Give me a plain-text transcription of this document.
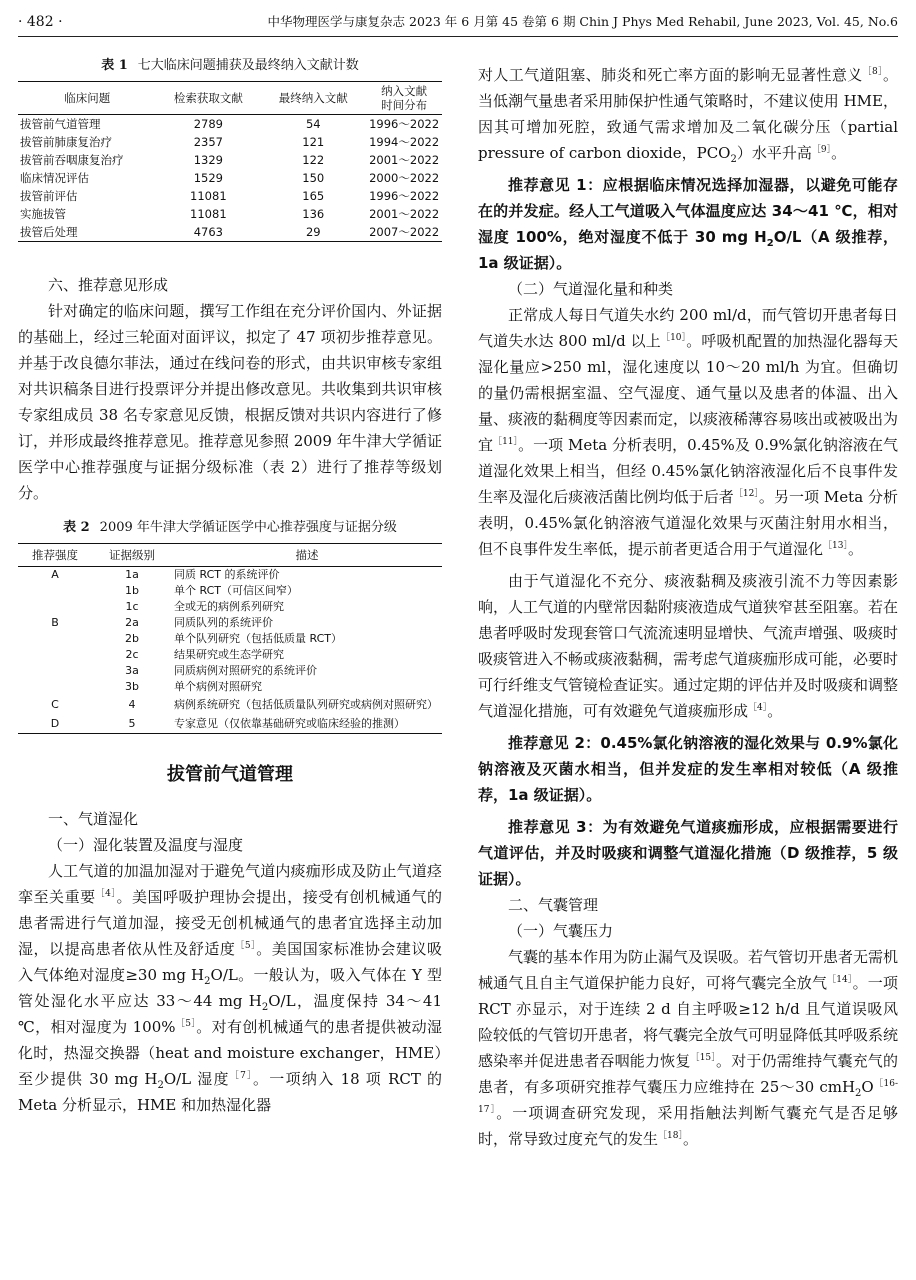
· 482 ·	中华物理医学与康复杂志 2023 年 6 月第 45 卷第 6 期 Chin J Phys Med Rehabil, June 2023, Vol. 45, No.6
表 1 七大临床问题捕获及最终纳入文献计数
临床问题	检索获取文献	最终纳入文献	纳入文献时间分布
拔管前气道管理	2789	54	1996～2022
拔管前肺康复治疗	2357	121	1994～2022
拔管前吞咽康复治疗	1329	122	2001～2022
临床情况评估	1529	150	2000～2022
拔管前评估	11081	165	1996～2022
实施拔管	11081	136	2001～2022
拔管后处理	4763	29	2007～2022
六、推荐意见形成

针对确定的临床问题，撰写工作组在充分评价国内、外证据的基础上，经过三轮面对面评议，拟定了 47 项初步推荐意见。并基于改良德尔菲法，通过在线问卷的形式，由共识审核专家组对共识稿条目进行投票评分并提出修改意见。共收集到共识审核专家组成员 38 名专家意见反馈，根据反馈对共识内容进行了修订，并形成最终推荐意见。推荐意见参照 2009 年牛津大学循证医学中心推荐强度与证据分级标准（表 2）进行了推荐等级划分。

表 2 2009 年牛津大学循证医学中心推荐强度与证据分级
推荐强度	证据级别	描述
A	1a	同质 RCT 的系统评价
	1b	单个 RCT（可信区间窄）
	1c	全或无的病例系列研究
B	2a	同质队列的系统评价
	2b	单个队列研究（包括低质量 RCT）
	2c	结果研究或生态学研究
	3a	同质病例对照研究的系统评价
	3b	单个病例对照研究
C	4	病例系统研究（包括低质量队列研究或病例对照研究）
D	5	专家意见（仅依靠基础研究或临床经验的推测）
拔管前气道管理
一、气道湿化
（一）湿化装置及温度与湿度

人工气道的加温加湿对于避免气道内痰痂形成及防止气道痉挛至关重要$^{[4]}$。美国呼吸护理协会提出，接受有创机械通气的患者需进行气道加湿，接受无创机械通气的患者宜选择主动加湿，以提高患者依从性及舒适度$^{[5]}$。美国国家标准协会建议吸入气体绝对湿度≥30 mg $H_2O/L$。一般认为，吸入气体在 Y 型管处湿化水平应达 33～44 mg $H_2O/L$，温度保持 34～41 ℃，相对湿度为 100%$^{[5]}$。对有创机械通气的患者提供被动湿化时，热湿交换器（heat and moisture exchanger，HME）至少提供 30 mg $H_2O/L$ 湿度$^{[7]}$。一项纳入 18 项 RCT 的 Meta 分析显示，HME 和加热湿化器

对人工气道阻塞、肺炎和死亡率方面的影响无显著性意义$^{[8]}$。当低潮气量患者采用肺保护性通气策略时，不建议使用 HME，因其可增加死腔，致通气需求增加及二氧化碳分压（partial pressure of carbon dioxide，$PCO_2$）水平升高$^{[9]}$。

推荐意见 1：应根据临床情况选择加湿器，以避免可能存在的并发症。经人工气道吸入气体温度应达 34～41 ℃，相对湿度 100%，绝对湿度不低于 30 mg $H_2O/L(A$ 级推荐，1a 级证据）。

（二）气道湿化量和种类

正常成人每日气道失水约 200 ml/d，而气管切开患者每日气道失水达 800 ml/d 以上$^{[10]}$。呼吸机配置的加热湿化器每天湿化量应>250 ml，湿化速度以 10～20 ml/h 为宜。但确切的量仍需根据室温、空气湿度、通气量以及患者的体温、出入量、痰液的黏稠度等因素而定，以痰液稀薄容易咳出或被吸出为宜$^{[11]}$。一项 Meta 分析表明，0.45%及 0.9%氯化钠溶液在气道湿化效果上相当，但经 0.45%氯化钠溶液湿化后不良事件发生率及湿化后痰液活菌比例均低于后者$^{[12]}$。另一项 Meta 分析表明，0.45%氯化钠溶液气道湿化效果与灭菌注射用水相当，但不良事件发生率低，提示前者更适合用于气道湿化$^{[13]}$。

由于气道湿化不充分、痰液黏稠及痰液引流不力等因素影响，人工气道的内壁常因黏附痰液造成气道狭窄甚至阻塞。若在患者呼吸时发现套管口气流流速明显增快、气流声增强、吸痰时吸痰管进入不畅或痰液黏稠，需考虑气道痰痂形成可能，必要时可行纤维支气管镜检查证实。通过定期的评估并及时吸痰和调整气道湿化措施，可有效避免气道痰痂形成$^{[4]}$。

推荐意见 2：0.45%氯化钠溶液的湿化效果与 0.9%氯化钠溶液及灭菌水相当，但并发症的发生率相对较低（A 级推荐，1a 级证据）。

推荐意见 3：为有效避免气道痰痂形成，应根据需要进行气道评估，并及时吸痰和调整气道湿化措施（D 级推荐，5 级证据）。

二、气囊管理
（一）气囊压力

气囊的基本作用为防止漏气及误吸。若气管切开患者无需机械通气且自主气道保护能力良好，可将气囊完全放气$^{[14]}$。一项 RCT 亦显示，对于连续 2 d 自主呼吸≥12 h/d 且气道误吸风险较低的气管切开患者，将气囊完全放气可明显降低其呼吸系统感染率并促进患者吞咽能力恢复$^{[15]}$。对于仍需维持气囊充气的患者，有多项研究推荐气囊压力应维持在 25～30 $cmH_2O^{[16-17]}$。一项调查研究发现，采用指触法判断气囊充气是否足够时，常导致过度充气的发生$^{[18]}$。
